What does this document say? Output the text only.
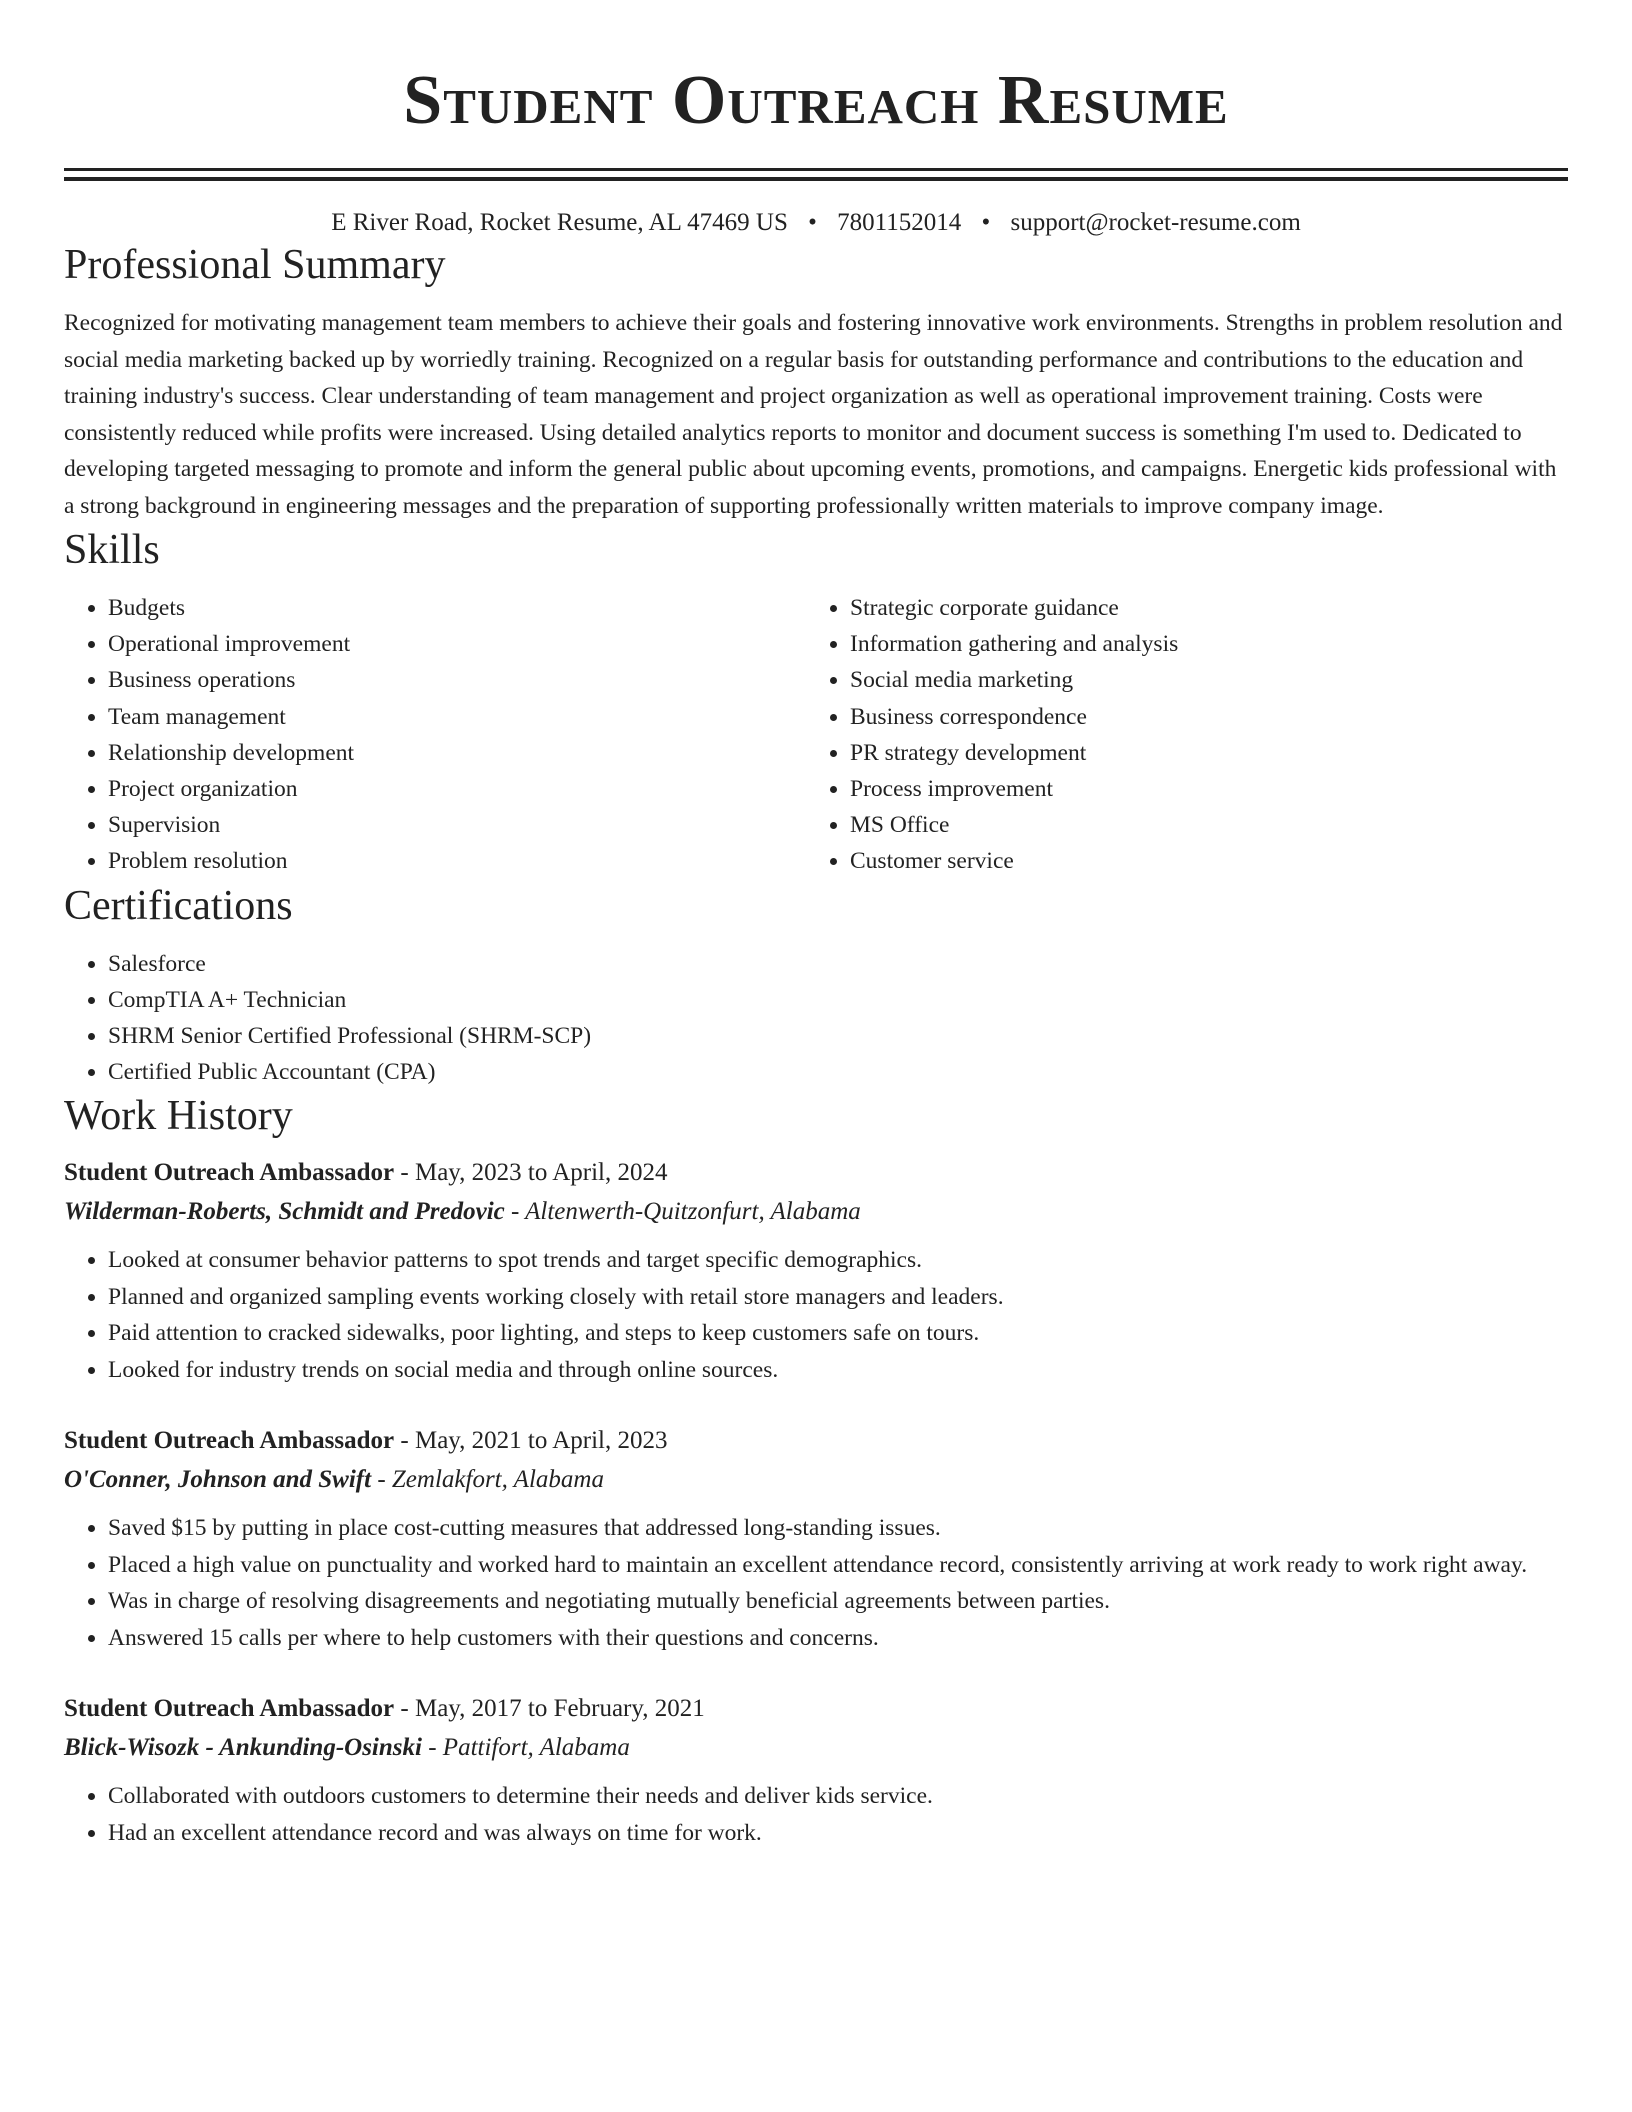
Student Outreach Resume
E River Road, Rocket Resume, AL 47469 US • 7801152014 • support@rocket-resume.com
Professional Summary

Recognized for motivating management team members to achieve their goals and fostering innovative work environments. Strengths in problem resolution and social media marketing backed up by worriedly training. Recognized on a regular basis for outstanding performance and contributions to the education and training industry's success. Clear understanding of team management and project organization as well as operational improvement training. Costs were consistently reduced while profits were increased. Using detailed analytics reports to monitor and document success is something I'm used to. Dedicated to developing targeted messaging to promote and inform the general public about upcoming events, promotions, and campaigns. Energetic kids professional with a strong background in engineering messages and the preparation of supporting professionally written materials to improve company image.

Skills
• Budgets
• Operational improvement
• Business operations
• Team management
• Relationship development
• Project organization
• Supervision
• Problem resolution
• Strategic corporate guidance
• Information gathering and analysis
• Social media marketing
• Business correspondence
• PR strategy development
• Process improvement
• MS Office
• Customer service
Certifications
• Salesforce
• CompTIA A+ Technician
• SHRM Senior Certified Professional (SHRM-SCP)
• Certified Public Accountant (CPA)
Work History
Student Outreach Ambassador - May, 2023 to April, 2024
Wilderman-Roberts, Schmidt and Predovic - Altenwerth-Quitzonfurt, Alabama
• Looked at consumer behavior patterns to spot trends and target specific demographics.
• Planned and organized sampling events working closely with retail store managers and leaders.
• Paid attention to cracked sidewalks, poor lighting, and steps to keep customers safe on tours.
• Looked for industry trends on social media and through online sources.
Student Outreach Ambassador - May, 2021 to April, 2023
O'Conner, Johnson and Swift - Zemlakfort, Alabama
• Saved $15 by putting in place cost-cutting measures that addressed long-standing issues.
• Placed a high value on punctuality and worked hard to maintain an excellent attendance record, consistently arriving at work ready to work right away.
• Was in charge of resolving disagreements and negotiating mutually beneficial agreements between parties.
• Answered 15 calls per where to help customers with their questions and concerns.
Student Outreach Ambassador - May, 2017 to February, 2021
Blick-Wisozk - Ankunding-Osinski - Pattifort, Alabama
• Collaborated with outdoors customers to determine their needs and deliver kids service.
• Had an excellent attendance record and was always on time for work.
